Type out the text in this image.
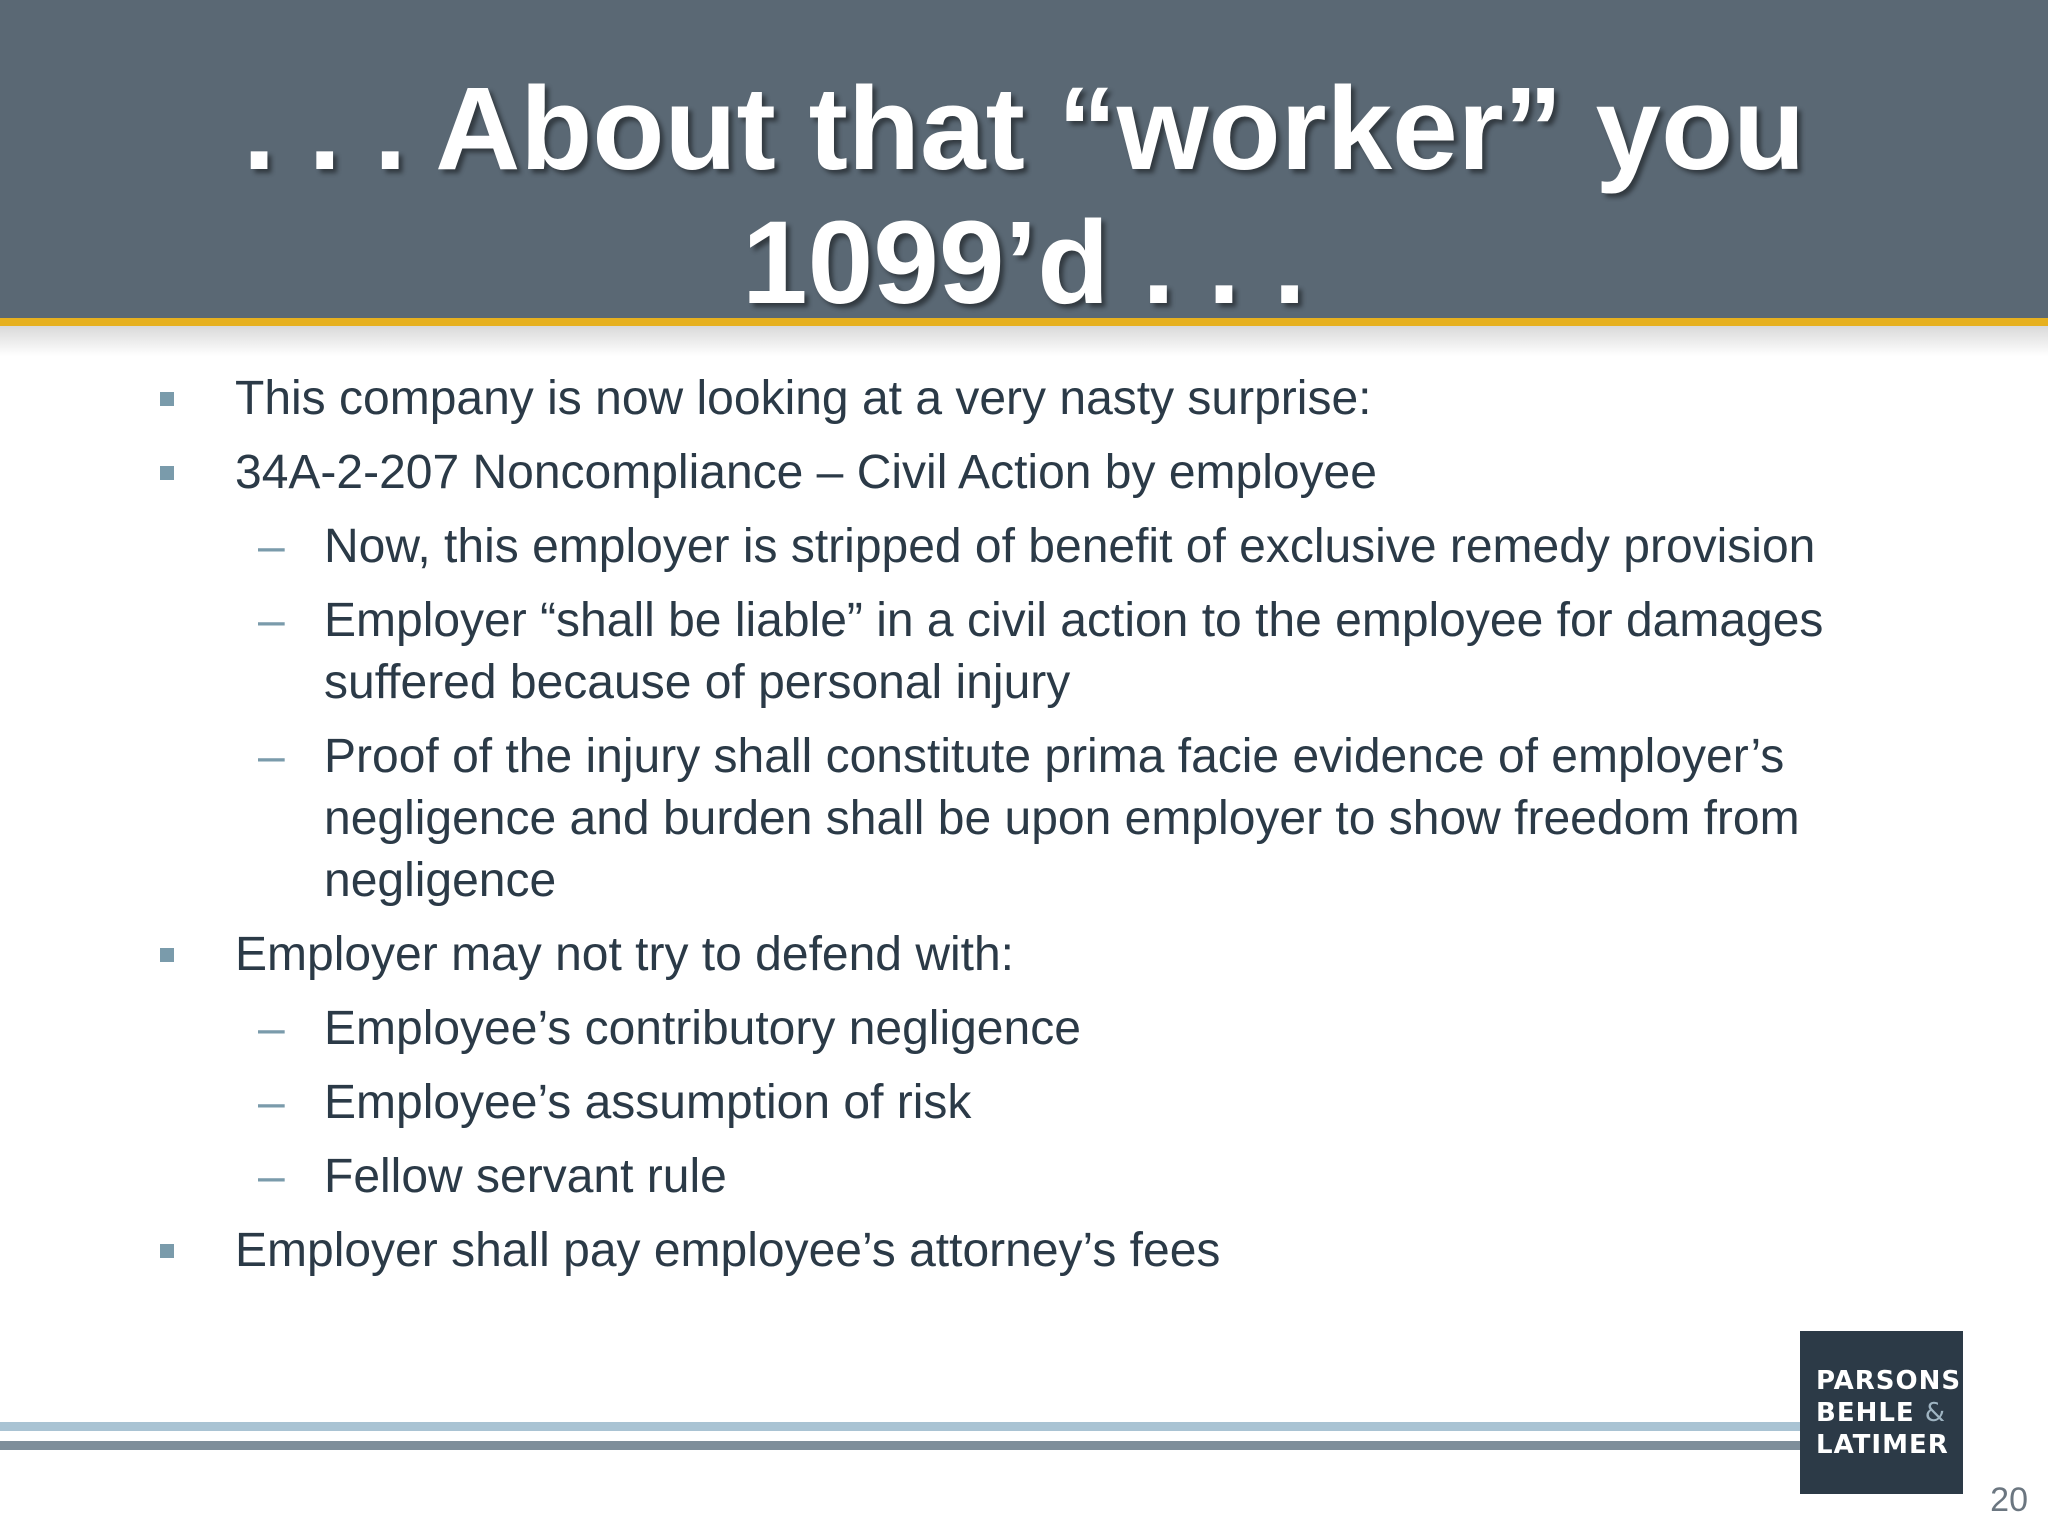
. . . About that “worker” you
1099’d . . .

This company is now looking at a very nasty surprise:

34A-2-207 Noncompliance – Civil Action by employee

– Now, this employer is stripped of benefit of exclusive remedy provision

– Employer “shall be liable” in a civil action to the employee for damages suffered because of personal injury

– Proof of the injury shall constitute prima facie evidence of employer’s negligence and burden shall be upon employer to show freedom from negligence

Employer may not try to defend with:

– Employee’s contributory negligence

– Employee’s assumption of risk

– Fellow servant rule

Employer shall pay employee’s attorney’s fees

PARSONS
BEHLE &
LATIMER
20
